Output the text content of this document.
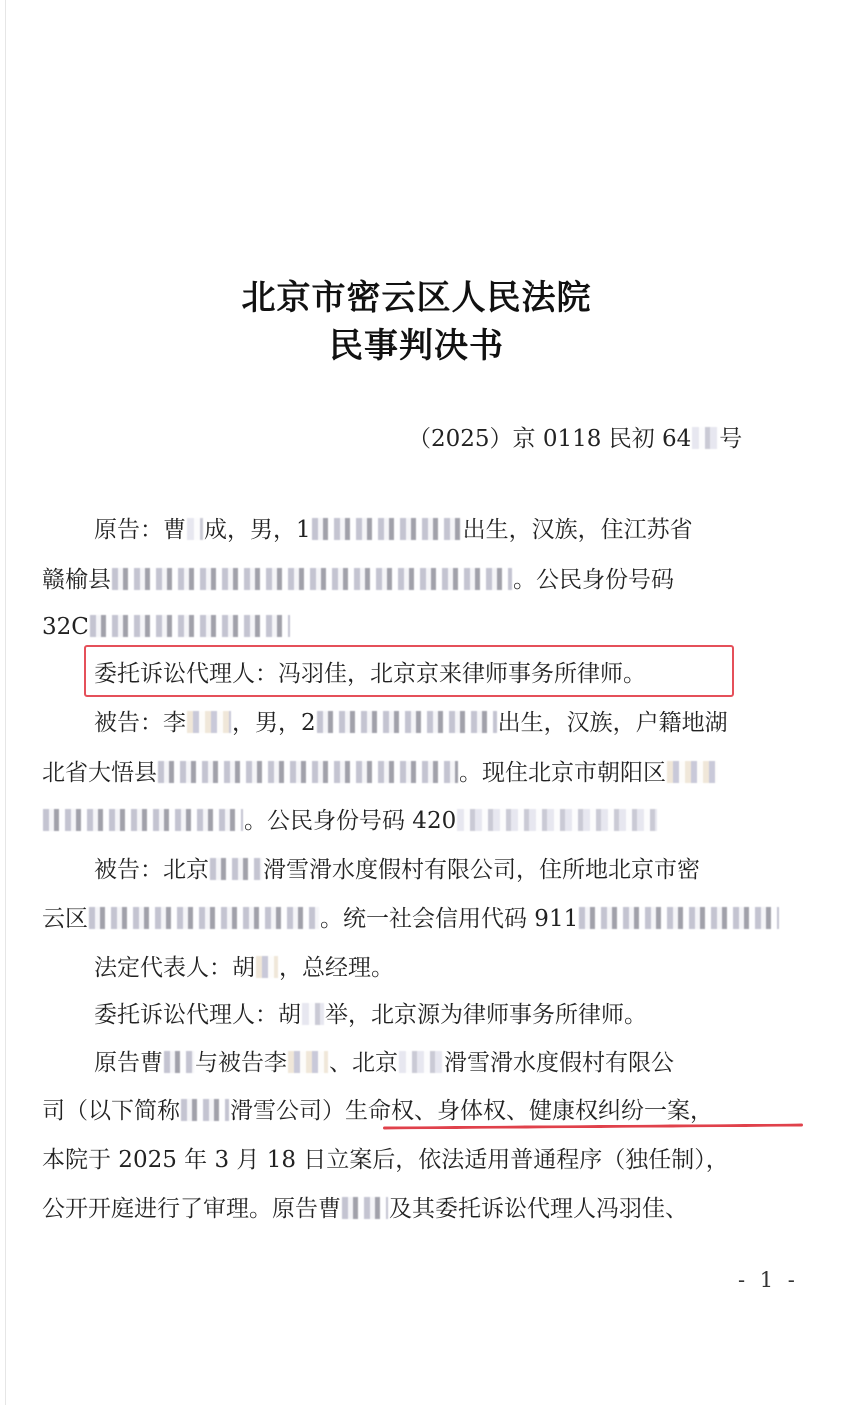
北京市密云区人民法院
民事判决书
（2025）京 0118 民初 64 号
原告：曹 成，男，1	出生，汉族，住江苏省
赣榆县	。公民身份号码
32C
委托诉讼代理人：冯羽佳，北京京来律师事务所律师。
被告：李 ，男，2	出生，汉族，户籍地湖
北省大悟县	。现住北京市朝阳区
。公民身份号码 420
被告：北京 滑雪滑水度假村有限公司，住所地北京市密
云区	。统一社会信用代码 911
法定代表人：胡 ，总经理。
委托诉讼代理人：胡 举，北京源为律师事务所律师。
原告曹 与被告李 、北京 滑雪滑水度假村有限公
司（以下简称 滑雪公司）生命权、身体权、健康权纠纷一案，
本院于 2025 年 3 月 18 日立案后，依法适用普通程序（独任制），
公开开庭进行了审理。原告曹 及其委托诉讼代理人冯羽佳、
- 1 -
